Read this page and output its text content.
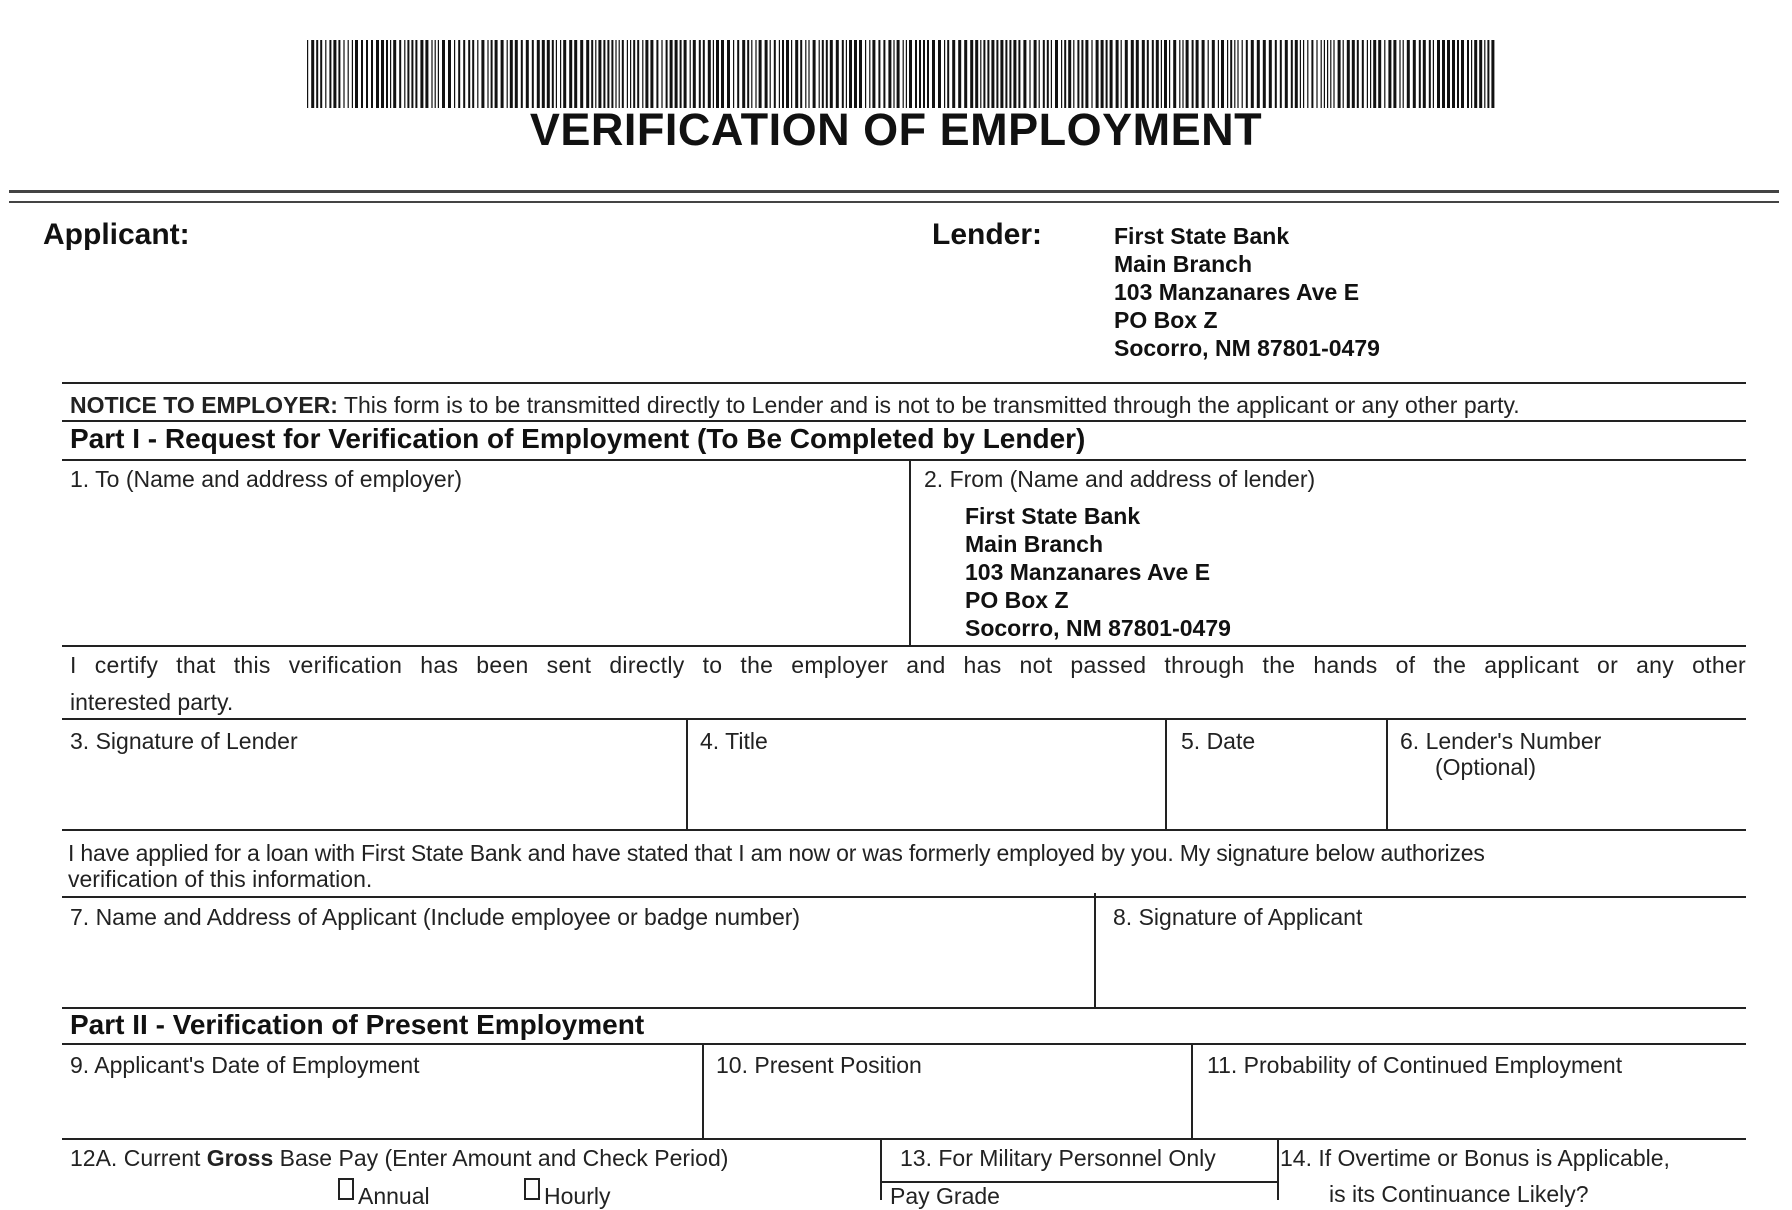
VERIFICATION OF EMPLOYMENT
Applicant:	Lender:	First State Bank
Main Branch
103 Manzanares Ave E
PO Box Z
Socorro, NM 87801-0479
NOTICE TO EMPLOYER: This form is to be transmitted directly to Lender and is not to be transmitted through the applicant or any other party.
Part I - Request for Verification of Employment (To Be Completed by Lender)
1. To (Name and address of employer)	2. From (Name and address of lender)
First State Bank
Main Branch
103 Manzanares Ave E
PO Box Z
Socorro, NM 87801-0479
I certify that this verification has been sent directly to the employer and has not passed through the hands of the applicant or any other
interested party.
3. Signature of Lender	4. Title	5. Date	6. Lender's Number
(Optional)
I have applied for a loan with First State Bank and have stated that I am now or was formerly employed by you. My signature below authorizes
verification of this information.
7. Name and Address of Applicant (Include employee or badge number)	8. Signature of Applicant
Part II - Verification of Present Employment
9. Applicant's Date of Employment	10. Present Position	11. Probability of Continued Employment
12A. Current Gross Base Pay (Enter Amount and Check Period)
Annual	Hourly
13. For Military Personnel Only
Pay Grade
14. If Overtime or Bonus is Applicable,
is its Continuance Likely?
